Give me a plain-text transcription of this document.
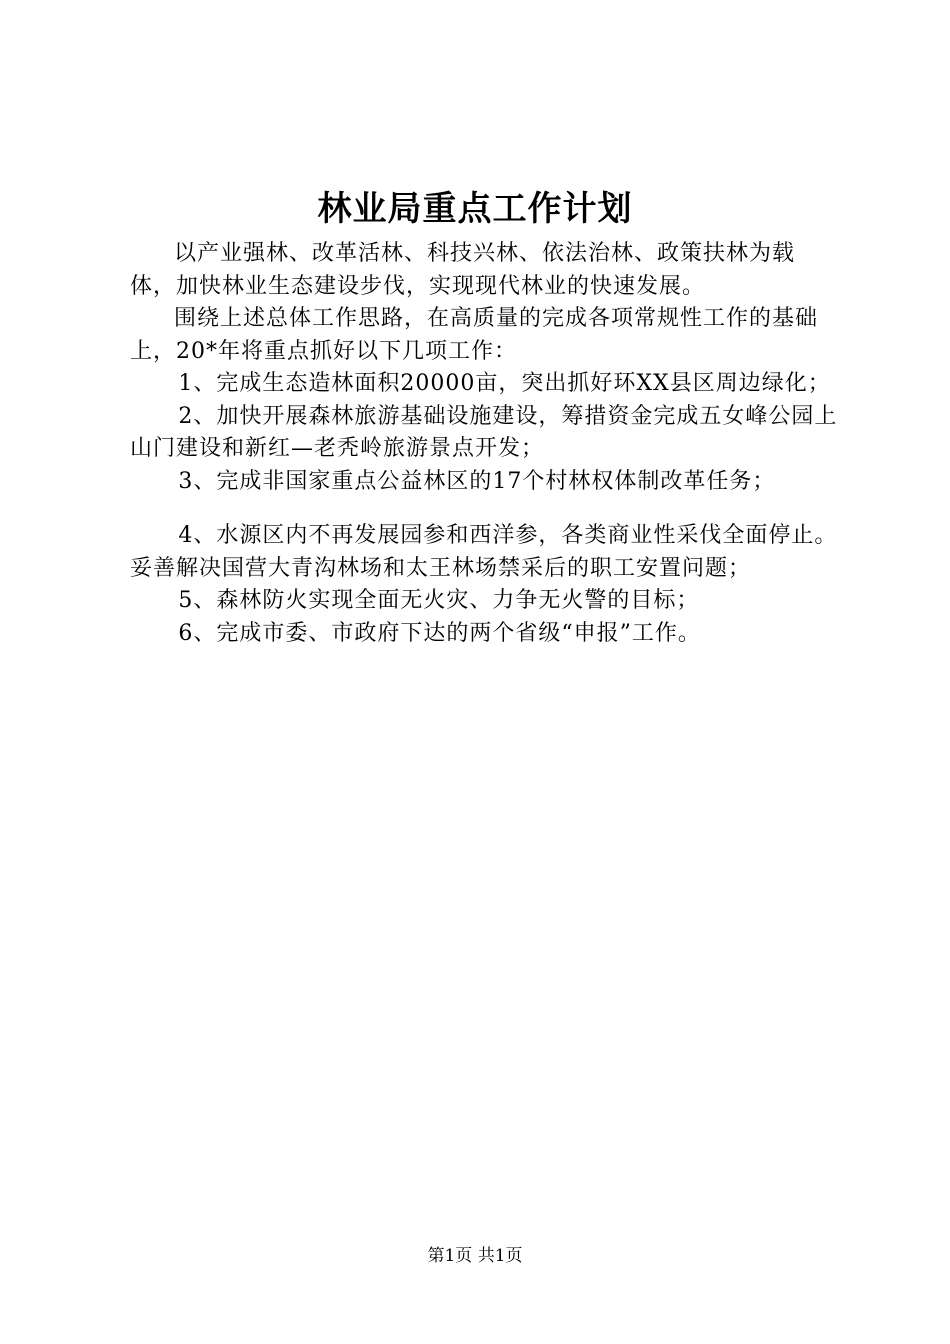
林业局重点工作计划

以产业强林、改革活林、科技兴林、依法治林、政策扶林为载体，加快林业生态建设步伐，实现现代林业的快速发展。

围绕上述总体工作思路，在高质量的完成各项常规性工作的基础上，20*年将重点抓好以下几项工作：

1、完成生态造林面积20000亩，突出抓好环XX县区周边绿化；

2、加快开展森林旅游基础设施建设，筹措资金完成五女峰公园上山门建设和新红—老秃岭旅游景点开发；

3、完成非国家重点公益林区的17个村林权体制改革任务；

4、水源区内不再发展园参和西洋参，各类商业性采伐全面停止。妥善解决国营大青沟林场和太王林场禁采后的职工安置问题；

5、森林防火实现全面无火灾、力争无火警的目标；

6、完成市委、市政府下达的两个省级“申报”工作。

第1页 共1页
